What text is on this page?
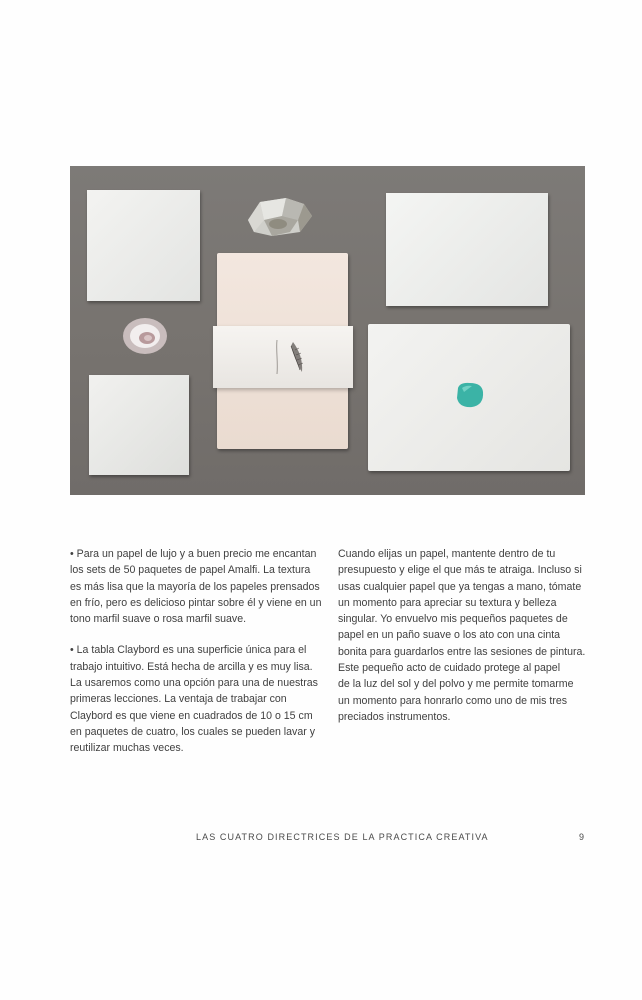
• Para un papel de lujo y a buen precio me encantan
los sets de 50 paquetes de papel Amalfi. La textura
es más lisa que la mayoría de los papeles prensados
en frío, pero es delicioso pintar sobre él y viene en un
tono marfil suave o rosa marfil suave.

• La tabla Claybord es una superficie única para el
trabajo intuitivo. Está hecha de arcilla y es muy lisa.
La usaremos como una opción para una de nuestras
primeras lecciones. La ventaja de trabajar con
Claybord es que viene en cuadrados de 10 o 15 cm
en paquetes de cuatro, los cuales se pueden lavar y
reutilizar muchas veces.

Cuando elijas un papel, mantente dentro de tu
presupuesto y elige el que más te atraiga. Incluso si
usas cualquier papel que ya tengas a mano, tómate
un momento para apreciar su textura y belleza
singular. Yo envuelvo mis pequeños paquetes de
papel en un paño suave o los ato con una cinta
bonita para guardarlos entre las sesiones de pintura.
Este pequeño acto de cuidado protege al papel
de la luz del sol y del polvo y me permite tomarme
un momento para honrarlo como uno de mis tres
preciados instrumentos.

LAS CUATRO DIRECTRICES DE LA PRACTICA CREATIVA	9
